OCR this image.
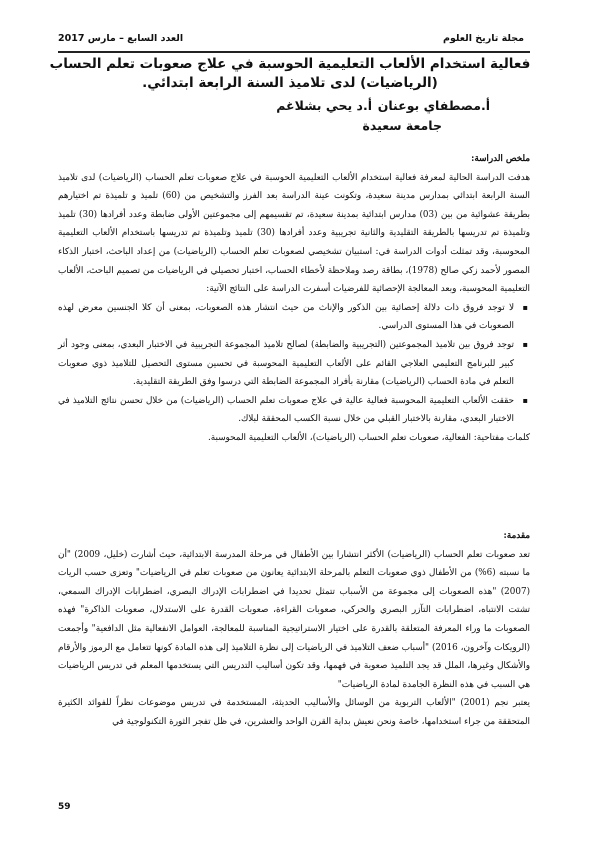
مجلة تاريخ العلوم
العدد السابع – مارس 2017
فعالية استخدام الألعاب التعليمية الحوسبة في علاج صعوبات تعلم الحساب (الرياضيات) لدى تلاميذ السنة الرابعة ابتدائي.
أ.مصطفاي بوعنان
أ.د يحي بشلاغم
جامعة سعيدة

ملخص الدراسة:

هدفت الدراسة الحالية لمعرفة فعالية استخدام الألعاب التعليمية الحوسبة في علاج صعوبات تعلم الحساب (الرياضيات) لدى تلاميذ السنة الرابعة ابتدائي بمدارس مدينة سعيدة، وتكونت عينة الدراسة بعد الفرز والتشخيص من (60) تلميذ و تلميذة تم اختيارهم بطريقة عشوائية من بين (03) مدارس ابتدائية بمدينة سعيدة، تم تقسيمهم إلى مجموعتين الأولى ضابطة وعدد أفرادها (30) تلميذ وتلميذة تم تدريسها بالطريقة التقليدية والثانية تجريبية وعدد أفرادها (30) تلميذ وتلميذة تم تدريسها باستخدام الألعاب التعليمية المحوسبة، وقد تمثلت أدوات الدراسة في: استبيان تشخيصي لصعوبات تعلم الحساب (الرياضيات) من إعداد الباحث، اختبار الذكاء المصور لأحمد زكي صالح (1978)، بطاقة رصد وملاحظة لأخطاء الحساب، اختبار تحصيلي في الرياضيات من تصميم الباحث، الألعاب التعليمية المحوسبة، وبعد المعالجة الإحصائية للفرضيات أسفرت الدراسة على النتائج الآتية:

▪ لا توجد فروق ذات دلالة إحصائية بين الذكور والإناث من حيث انتشار هذه الصعوبات، بمعنى أن كلا الجنسين معرض لهذه الصعوبات في هذا المستوى الدراسي.

▪ توجد فروق بين تلاميذ المجموعتين (التجريبية والضابطة) لصالح تلاميذ المجموعة التجريبية في الاختبار البعدي، بمعنى وجود أثر كبير للبرنامج التعليمي العلاجي القائم على الألعاب التعليمية المحوسبة في تحسين مستوى التحصيل للتلاميذ ذوي صعوبات التعلم في مادة الحساب (الرياضيات) مقارنة بأفراد المجموعة الضابطة التي درسوا وفق الطريقة التقليدية.

▪ حققت الألعاب التعليمية المحوسبة فعالية عالية في علاج صعوبات تعلم الحساب (الرياضيات) من خلال تحسن نتائج التلاميذ في الاختبار البعدي، مقارنة بالاختبار القبلي من خلال نسبة الكسب المحققة لبلاك.

كلمات مفتاحية: الفعالية، صعوبات تعلم الحساب (الرياضيات)، الألعاب التعليمية المحوسبة.

مقدمة:

تعد صعوبات تعلم الحساب (الرياضيات) الأكثر انتشارا بين الأطفال في مرحلة المدرسة الابتدائية، حيث أشارت (خليل، 2009) "أن ما نسبته (6%) من الأطفال ذوي صعوبات التعلم بالمرحلة الابتدائية يعانون من صعوبات تعلم في الرياضيات" وتعزى حسب الريات (2007) "هذه الصعوبات إلى مجموعة من الأسباب تتمثل تحديدا في اضطرابات الإدراك البصري، اضطرابات الإدراك السمعي، تشتت الانتباه، اضطرابات التآزر البصري والحركي، صعوبات القراءة، صعوبات القدرة على الاستدلال، صعوبات الذاكرة" فهذه الصعوبات ما وراء المعرفة المتعلقة بالقدرة على اختيار الاستراتيجية المناسبة للمعالجة، العوامل الانفعالية مثل الدافعية" وأجمعت (الرويكات وآخرون، 2016) "أسباب ضعف التلاميذ في الرياضيات إلى نظرة التلاميذ إلى هذه المادة كونها تتعامل مع الرموز والأرقام والأشكال وغيرها، الملل قد يجد التلميذ صعوبة في فهمها، وقد تكون أساليب التدريس التي يستخدمها المعلم في تدريس الرياضيات هي السبب في هذه النظرة الجامدة لمادة الرياضيات"

يعتبر نجم (2001) "الألعاب التربوية من الوسائل والأساليب الحديثة، المستخدمة في تدريس موضوعات نظراً للفوائد الكثيرة المتحققة من جراء استخدامها، خاصة ونحن نعيش بداية القرن الواحد والعشرين، في ظل تفجر الثورة التكنولوجية في

59
